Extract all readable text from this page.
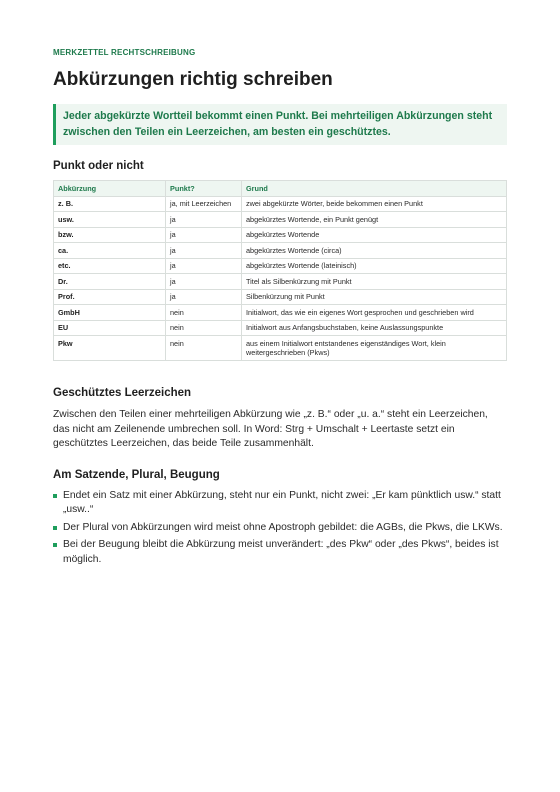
MERKZETTEL RECHTSCHREIBUNG

Abkürzungen richtig schreiben
Jeder abgekürzte Wortteil bekommt einen Punkt. Bei mehrteiligen Abkürzungen steht zwischen den Teilen ein Leerzeichen, am besten ein geschütztes.
Punkt oder nicht
Abkürzung	Punkt?	Grund
z. B.	ja, mit Leerzeichen	zwei abgekürzte Wörter, beide bekommen einen Punkt
usw.	ja	abgekürztes Wortende, ein Punkt genügt
bzw.	ja	abgekürztes Wortende
ca.	ja	abgekürztes Wortende (circa)
etc.	ja	abgekürztes Wortende (lateinisch)
Dr.	ja	Titel als Silbenkürzung mit Punkt
Prof.	ja	Silbenkürzung mit Punkt
GmbH	nein	Initialwort, das wie ein eigenes Wort gesprochen und geschrieben wird
EU	nein	Initialwort aus Anfangsbuchstaben, keine Auslassungspunkte
Pkw	nein	aus einem Initialwort entstandenes eigenständiges Wort, klein weitergeschrieben (Pkws)
Geschütztes Leerzeichen

Zwischen den Teilen einer mehrteiligen Abkürzung wie „z. B.“ oder „u. a.“ steht ein Leerzeichen, das nicht am Zeilenende umbrechen soll. In Word: Strg + Umschalt + Leertaste setzt ein geschütztes Leerzeichen, das beide Teile zusammenhält.

Am Satzende, Plural, Beugung
Endet ein Satz mit einer Abkürzung, steht nur ein Punkt, nicht zwei: „Er kam pünktlich usw.“ statt „usw..“
Der Plural von Abkürzungen wird meist ohne Apostroph gebildet: die AGBs, die Pkws, die LKWs.
Bei der Beugung bleibt die Abkürzung meist unverändert: „des Pkw“ oder „des Pkws“, beides ist möglich.
